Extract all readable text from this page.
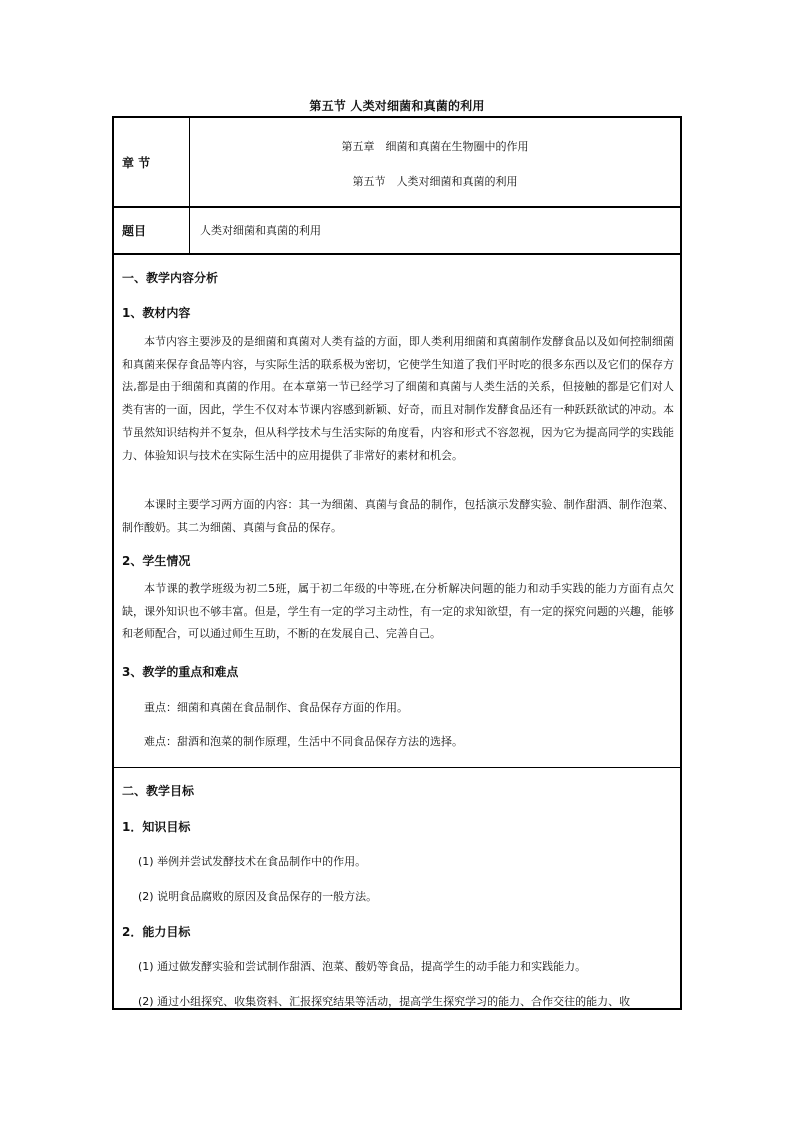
第五节 人类对细菌和真菌的利用
章 节
第五章　细菌和真菌在生物圈中的作用
第五节　人类对细菌和真菌的利用
题目	人类对细菌和真菌的利用
一、教学内容分析
1、教材内容

本节内容主要涉及的是细菌和真菌对人类有益的方面，即人类利用细菌和真菌制作发酵食品以及如何控制细菌和真菌来保存食品等内容，与实际生活的联系极为密切，它使学生知道了我们平时吃的很多东西以及它们的保存方法,都是由于细菌和真菌的作用。在本章第一节已经学习了细菌和真菌与人类生活的关系，但接触的都是它们对人类有害的一面，因此，学生不仅对本节课内容感到新颖、好奇，而且对制作发酵食品还有一种跃跃欲试的冲动。本节虽然知识结构并不复杂，但从科学技术与生活实际的角度看，内容和形式不容忽视，因为它为提高同学的实践能力、体验知识与技术在实际生活中的应用提供了非常好的素材和机会。

本课时主要学习两方面的内容：其一为细菌、真菌与食品的制作，包括演示发酵实验、制作甜酒、制作泡菜、制作酸奶。其二为细菌、真菌与食品的保存。

2、学生情况

本节课的教学班级为初二5班，属于初二年级的中等班,在分析解决问题的能力和动手实践的能力方面有点欠缺，课外知识也不够丰富。但是，学生有一定的学习主动性，有一定的求知欲望，有一定的探究问题的兴趣，能够和老师配合，可以通过师生互助，不断的在发展自己、完善自己。

3、教学的重点和难点
重点：细菌和真菌在食品制作、食品保存方面的作用。
难点：甜酒和泡菜的制作原理，生活中不同食品保存方法的选择。
二、教学目标
1．知识目标
(1) 举例并尝试发酵技术在食品制作中的作用。
(2) 说明食品腐败的原因及食品保存的一般方法。
2．能力目标
(1) 通过做发酵实验和尝试制作甜酒、泡菜、酸奶等食品，提高学生的动手能力和实践能力。
(2) 通过小组探究、收集资料、汇报探究结果等活动，提高学生探究学习的能力、合作交往的能力、收
